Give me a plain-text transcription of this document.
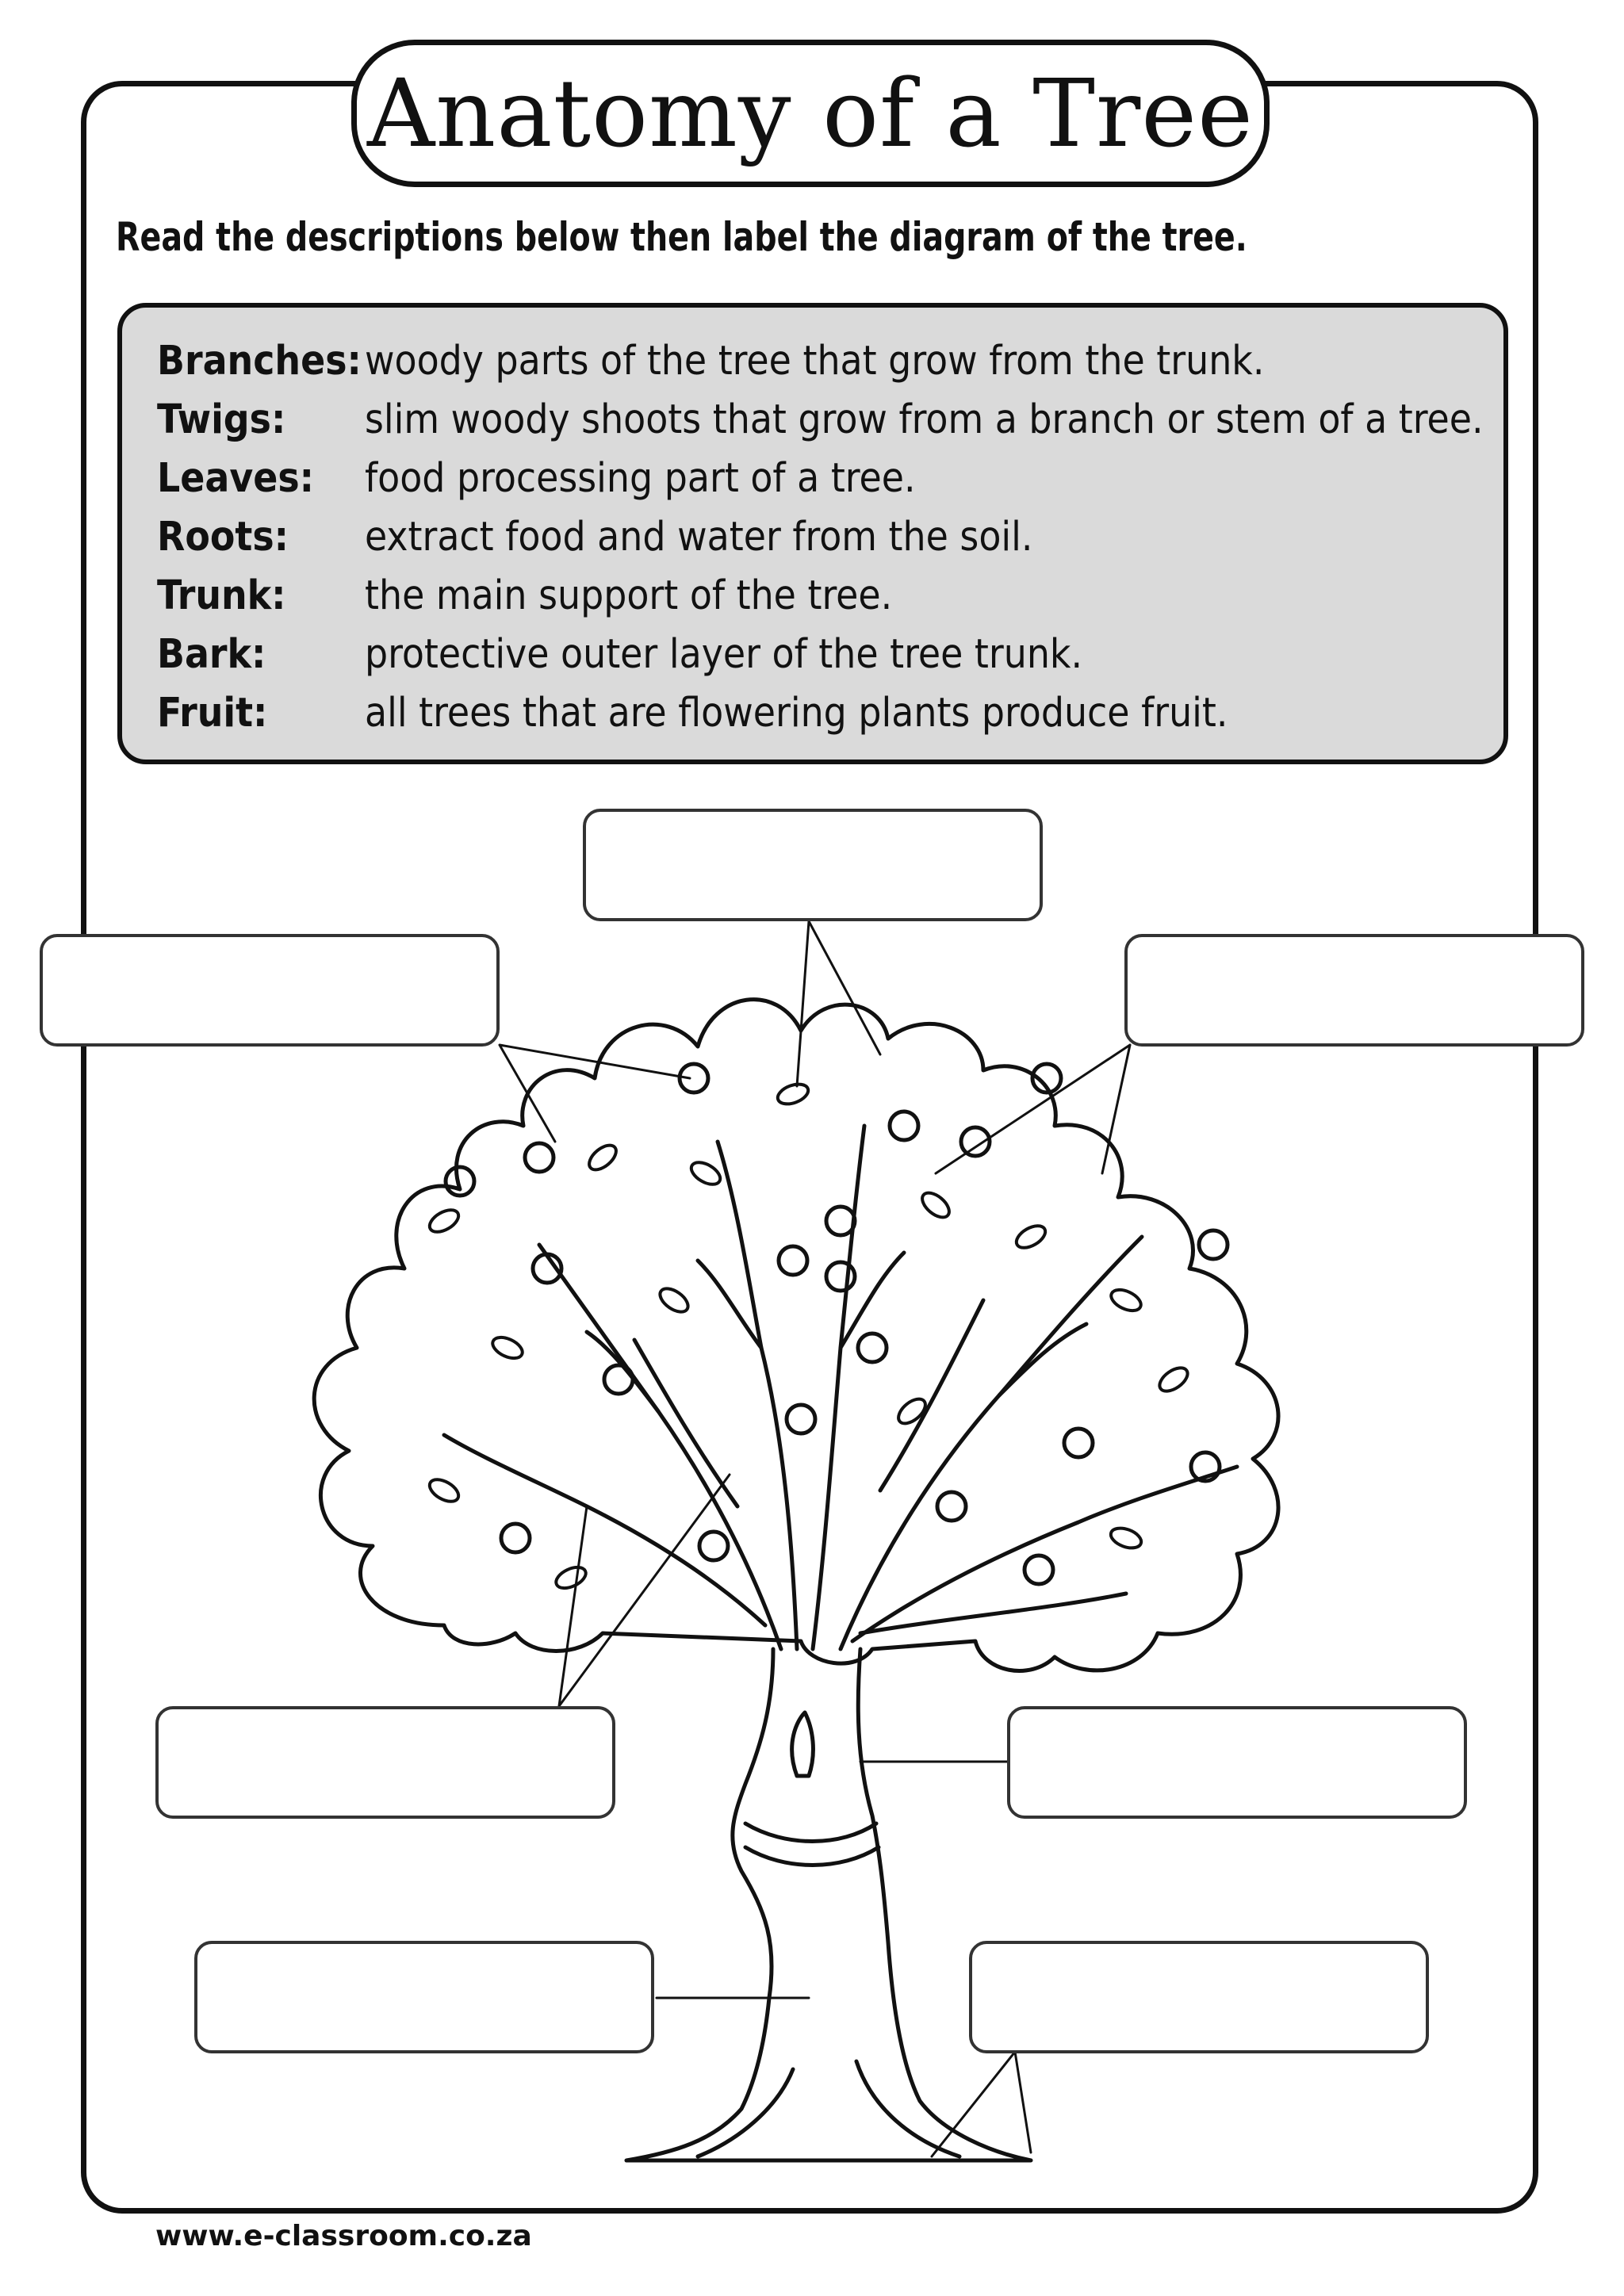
Anatomy of a Tree
Read the descriptions below then label the diagram of the tree.
Branches: woody parts of the tree that grow from the trunk.
Twigs:	slim woody shoots that grow from a branch or stem of a tree.
Leaves:	food processing part of a tree.
Roots:	extract food and water from the soil.
Trunk:	the main support of the tree.
Bark:	protective outer layer of the tree trunk.
Fruit:	all trees that are flowering plants produce fruit.
www.e-classroom.co.za
